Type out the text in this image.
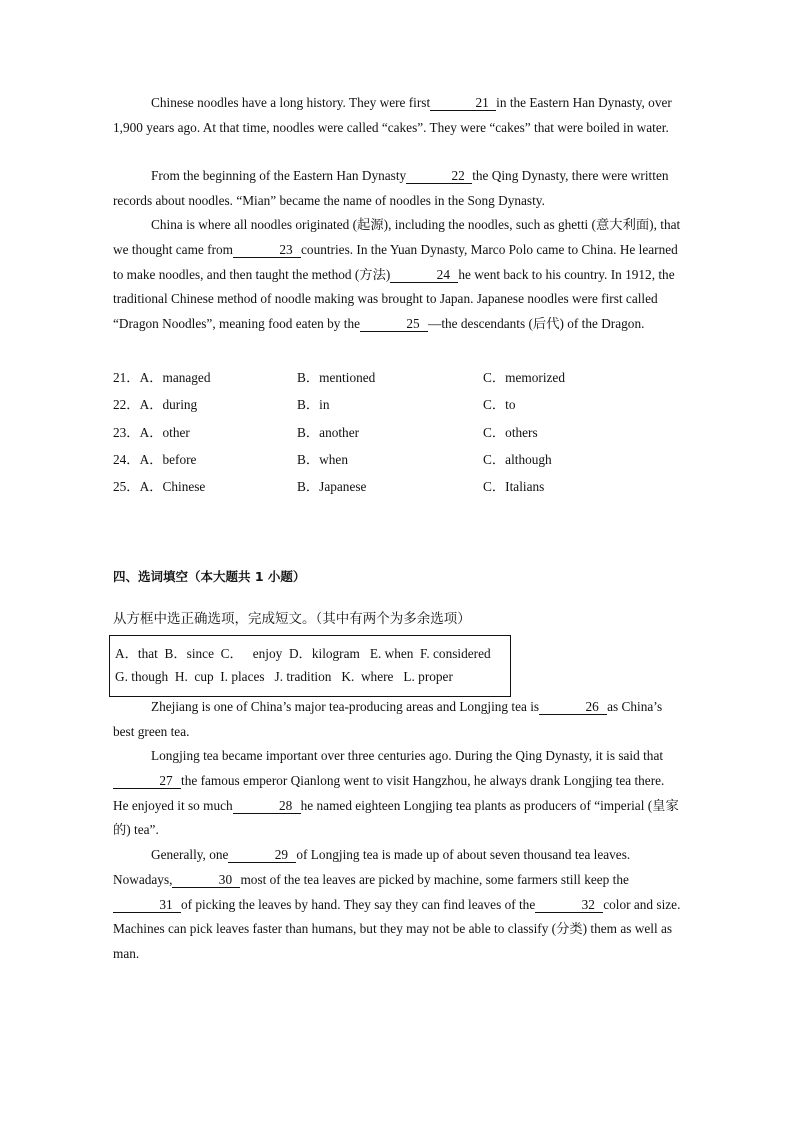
Chinese noodles have a long history. They were first	21 in the Eastern Han Dynasty, over 1,900 years ago. At that time, noodles were called “cakes”. They were “cakes” that were boiled in water.

From the beginning of the Eastern Han Dynasty	22 the Qing Dynasty, there were written records about noodles. “Mian” became the name of noodles in the Song Dynasty.

China is where all noodles originated (起源), including the noodles, such as ghetti (意大利面), that we thought came from	23 countries. In the Yuan Dynasty, Marco Polo came to China. He learned to make noodles, and then taught the method (方法)	24 he went back to his country. In 1912, the traditional Chinese method of noodle making was brought to Japan. Japanese noodles were first called “Dragon Noodles”, meaning food eaten by the	25 —the descendants (后代) of the Dragon.

21．A．managed	B．mentioned	C．memorized
22．A．during	B．in	C．to
23．A．other	B．another	C．others
24．A．before	B．when	C．although
25．A．Chinese	B．Japanese	C．Italians
四、选词填空（本大题共 1 小题）
从方框中选正确选项，完成短文。（其中有两个为多余选项）
A．that  B．since  C．   enjoy  D．kilogram   E. when  F. considered
G. though  H.  cup  I. places   J. tradition   K.  where   L. proper

Zhejiang is one of China’s major tea-producing areas and Longjing tea is	26 as China’s best green tea.

Longjing tea became important over three centuries ago. During the Qing Dynasty, it is said that27 the famous emperor Qianlong went to visit Hangzhou, he always drank Longjing tea there. He enjoyed it so much	28 he named eighteen Longjing tea plants as producers of “imperial (皇家的) tea”.

Generally, one	29 of Longjing tea is made up of about seven thousand tea leaves. Nowadays,	30 most of the tea leaves are picked by machine, some farmers still keep the31 of picking the leaves by hand. They say they can find leaves of the	32 color and size. Machines can pick leaves faster than humans, but they may not be able to classify (分类) them as well as man.
